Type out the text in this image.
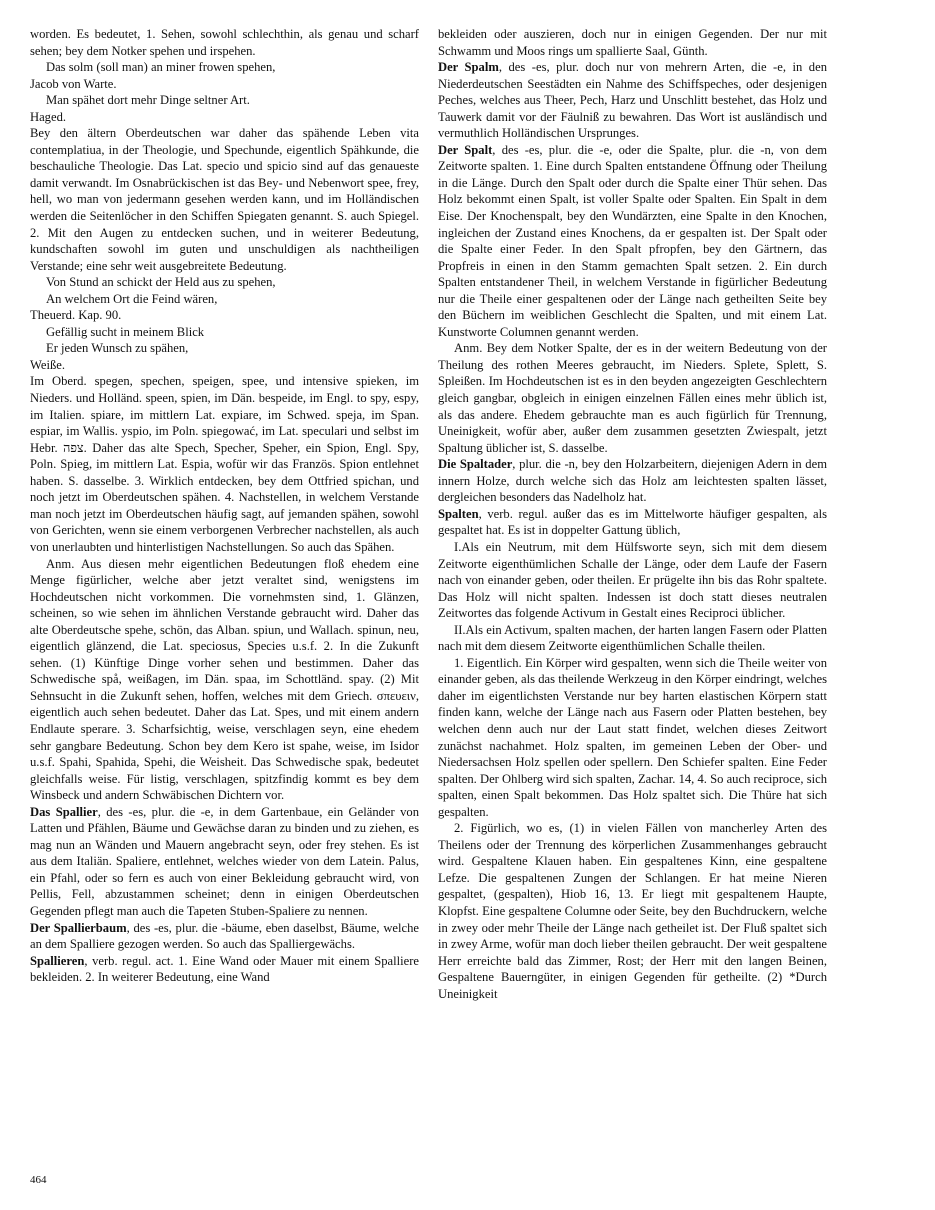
worden. Es bedeutet, 1. Sehen, sowohl schlechthin, als genau und scharf sehen; bey dem Notker spehen und irspehen.

Das solm (soll man) an miner frowen spehen,

Jacob von Warte.

Man spähet dort mehr Dinge seltner Art.

Haged.

Bey den ältern Oberdeutschen war daher das spähende Leben vita contemplatiua, in der Theologie, und Spechunde, eigentlich Spähkunde, die beschauliche Theologie. Das Lat. specio und spicio sind auf das genaueste damit verwandt. Im Osnabrückischen ist das Bey- und Nebenwort spee, frey, hell, wo man von jedermann gesehen werden kann, und im Holländischen werden die Seitenlöcher in den Schiffen Spiegaten genannt. S. auch Spiegel. 2. Mit den Augen zu entdecken suchen, und in weiterer Bedeutung, kundschaften sowohl im guten und unschuldigen als nachtheiligen Verstande; eine sehr weit ausgebreitete Bedeutung.

Von Stund an schickt der Held aus zu spehen,

An welchem Ort die Feind wären,

Theuerd. Kap. 90.

Gefällig sucht in meinem Blick

Er jeden Wunsch zu spähen,

Weiße.

Im Oberd. spegen, spechen, speigen, spee, und intensive spieken, im Nieders. und Holländ. speen, spien, im Dän. bespeide, im Engl. to spy, espy, im Italien. spiare, im mittlern Lat. expiare, im Schwed. speja, im Span. espiar, im Wallis. yspio, im Poln. spiegować, im Lat. speculari und selbst im Hebr. צפה. Daher das alte Spech, Specher, Speher, ein Spion, Engl. Spy, Poln. Spieg, im mittlern Lat. Espia, wofür wir das Französ. Spion entlehnet haben. S. dasselbe. 3. Wirklich entdecken, bey dem Ottfried spichan, und noch jetzt im Oberdeutschen spähen. 4. Nachstellen, in welchem Verstande man noch jetzt im Oberdeutschen häufig sagt, auf jemanden spähen, sowohl von Gerichten, wenn sie einem verborgenen Verbrecher nachstellen, als auch von unerlaubten und hinterlistigen Nachstellungen. So auch das Spähen.

Anm. Aus diesen mehr eigentlichen Bedeutungen floß ehedem eine Menge figürlicher, welche aber jetzt veraltet sind, wenigstens im Hochdeutschen nicht vorkommen. Die vornehmsten sind, 1. Glänzen, scheinen, so wie sehen im ähnlichen Verstande gebraucht wird. Daher das alte Oberdeutsche spehe, schön, das Alban. spiun, und Wallach. spinun, neu, eigentlich glänzend, die Lat. speciosus, Species u.s.f. 2. In die Zukunft sehen. (1) Künftige Dinge vorher sehen und bestimmen. Daher das Schwedische spå, weißagen, im Dän. spaa, im Schottländ. spay. (2) Mit Sehnsucht in die Zukunft sehen, hoffen, welches mit dem Griech. σπευειν, eigentlich auch sehen bedeutet. Daher das Lat. Spes, und mit einem andern Endlaute sperare. 3. Scharfsichtig, weise, verschlagen seyn, eine ehedem sehr gangbare Bedeutung. Schon bey dem Kero ist spahe, weise, im Isidor u.s.f. Spahi, Spahida, Spehi, die Weisheit. Das Schwedische spak, bedeutet gleichfalls weise. Für listig, verschlagen, spitzfindig kommt es bey dem Winsbeck und andern Schwäbischen Dichtern vor.

Das Spallier, des -es, plur. die -e, in dem Gartenbaue, ein Geländer von Latten und Pfählen, Bäume und Gewächse daran zu binden und zu ziehen, es mag nun an Wänden und Mauern angebracht seyn, oder frey stehen. Es ist aus dem Italiän. Spaliere, entlehnet, welches wieder von dem Latein. Palus, ein Pfahl, oder so fern es auch von einer Bekleidung gebraucht wird, von Pellis, Fell, abzustammen scheinet; denn in einigen Oberdeutschen Gegenden pflegt man auch die Tapeten Stuben-Spaliere zu nennen.

Der Spallierbaum, des -es, plur. die -bäume, eben daselbst, Bäume, welche an dem Spalliere gezogen werden. So auch das Spalliergewächs.

Spallieren, verb. regul. act. 1. Eine Wand oder Mauer mit einem Spalliere bekleiden. 2. In weiterer Bedeutung, eine Wand

bekleiden oder auszieren, doch nur in einigen Gegenden. Der nur mit Schwamm und Moos rings um spallierte Saal, Günth.

Der Spalm, des -es, plur. doch nur von mehrern Arten, die -e, in den Niederdeutschen Seestädten ein Nahme des Schiffspeches, oder desjenigen Peches, welches aus Theer, Pech, Harz und Unschlitt bestehet, das Holz und Tauwerk damit vor der Fäulniß zu bewahren. Das Wort ist ausländisch und vermuthlich Holländischen Ursprunges.

Der Spalt, des -es, plur. die -e, oder die Spalte, plur. die -n, von dem Zeitworte spalten. 1. Eine durch Spalten entstandene Öffnung oder Theilung in die Länge. Durch den Spalt oder durch die Spalte einer Thür sehen. Das Holz bekommt einen Spalt, ist voller Spalte oder Spalten. Ein Spalt in dem Eise. Der Knochenspalt, bey den Wundärzten, eine Spalte in den Knochen, ingleichen der Zustand eines Knochens, da er gespalten ist. Der Spalt oder die Spalte einer Feder. In den Spalt pfropfen, bey den Gärtnern, das Propfreis in einen in den Stamm gemachten Spalt setzen. 2. Ein durch Spalten entstandener Theil, in welchem Verstande in figürlicher Bedeutung nur die Theile einer gespaltenen oder der Länge nach getheilten Seite bey den Büchern im weiblichen Geschlecht die Spalten, und mit einem Lat. Kunstworte Columnen genannt werden.

Anm. Bey dem Notker Spalte, der es in der weitern Bedeutung von der Theilung des rothen Meeres gebraucht, im Nieders. Splete, Splett, S. Spleißen. Im Hochdeutschen ist es in den beyden angezeigten Geschlechtern gleich gangbar, obgleich in einigen einzelnen Fällen eines mehr üblich ist, als das andere. Ehedem gebrauchte man es auch figürlich für Trennung, Uneinigkeit, wofür aber, außer dem zusammen gesetzten Zwiespalt, jetzt Spaltung üblicher ist, S. dasselbe.

Die Spaltader, plur. die -n, bey den Holzarbeitern, diejenigen Adern in dem innern Holze, durch welche sich das Holz am leichtesten spalten lässet, dergleichen besonders das Nadelholz hat.

Spalten, verb. regul. außer das es im Mittelworte häufiger gespalten, als gespaltet hat. Es ist in doppelter Gattung üblich,

I.Als ein Neutrum, mit dem Hülfsworte seyn, sich mit dem diesem Zeitworte eigenthümlichen Schalle der Länge, oder dem Laufe der Fasern nach von einander geben, oder theilen. Er prügelte ihn bis das Rohr spaltete. Das Holz will nicht spalten. Indessen ist doch statt dieses neutralen Zeitwortes das folgende Activum in Gestalt eines Reciproci üblicher.

II.Als ein Activum, spalten machen, der harten langen Fasern oder Platten nach mit dem diesem Zeitworte eigenthümlichen Schalle theilen.

1. Eigentlich. Ein Körper wird gespalten, wenn sich die Theile weiter von einander geben, als das theilende Werkzeug in den Körper eindringt, welches daher im eigentlichsten Verstande nur bey harten elastischen Körpern statt finden kann, welche der Länge nach aus Fasern oder Platten bestehen, bey welchen denn auch nur der Laut statt findet, welchen dieses Zeitwort zunächst nachahmet. Holz spalten, im gemeinen Leben der Ober- und Niedersachsen Holz spellen oder spellern. Den Schiefer spalten. Eine Feder spalten. Der Ohlberg wird sich spalten, Zachar. 14, 4. So auch reciproce, sich spalten, einen Spalt bekommen. Das Holz spaltet sich. Die Thüre hat sich gespalten.

2. Figürlich, wo es, (1) in vielen Fällen von mancherley Arten des Theilens oder der Trennung des körperlichen Zusammenhanges gebraucht wird. Gespaltene Klauen haben. Ein gespaltenes Kinn, eine gespaltene Lefze. Die gespaltenen Zungen der Schlangen. Er hat meine Nieren gespaltet, (gespalten), Hiob 16, 13. Er liegt mit gespaltenem Haupte, Klopfst. Eine gespaltene Columne oder Seite, bey den Buchdruckern, welche in zwey oder mehr Theile der Länge nach getheilet ist. Der Fluß spaltet sich in zwey Arme, wofür man doch lieber theilen gebraucht. Der weit gespaltene Herr erreichte bald das Zimmer, Rost; der Herr mit den langen Beinen, Gespaltene Bauerngüter, in einigen Gegenden für getheilte. (2) *Durch Uneinigkeit

464
